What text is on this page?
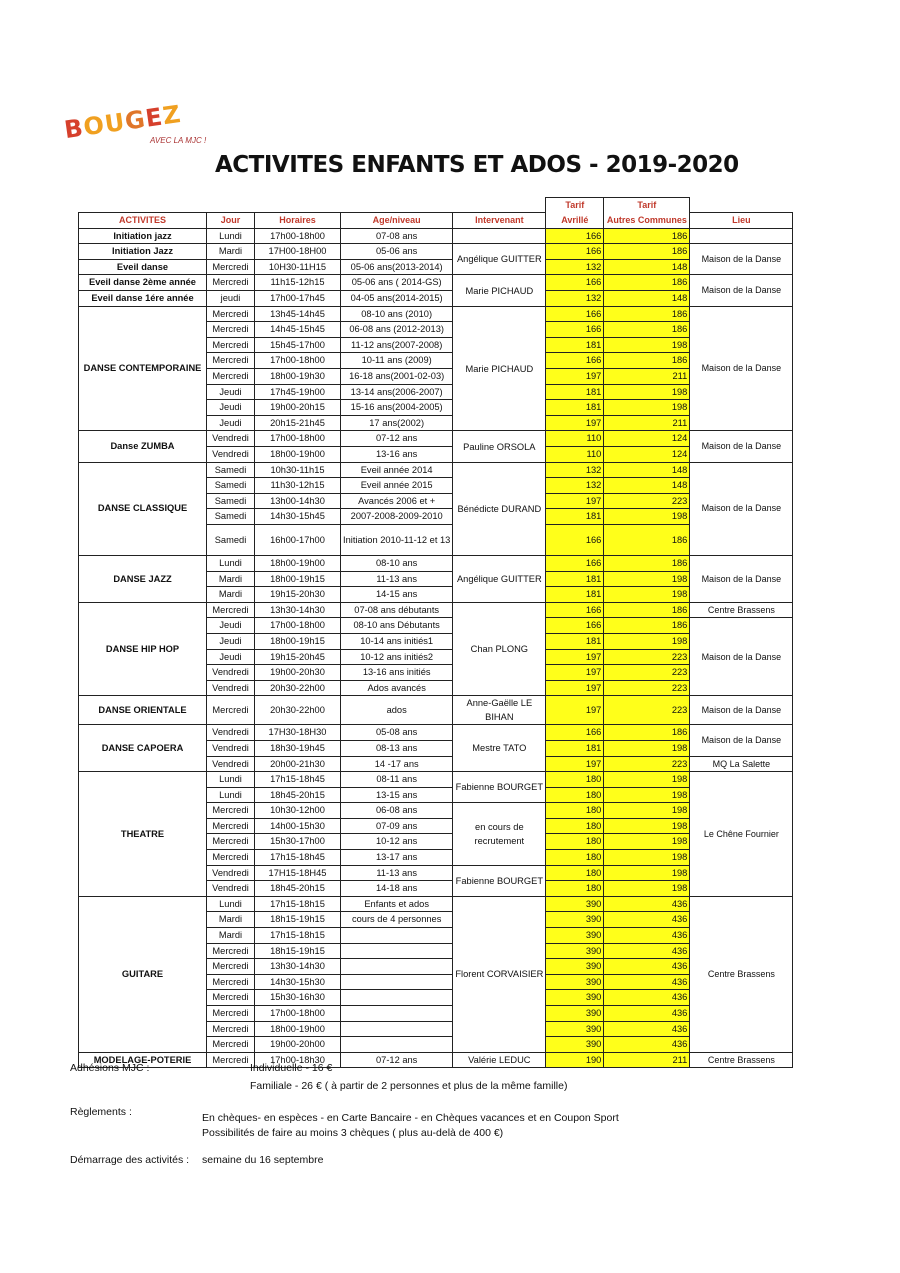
BOUGEZ
AVEC LA MJC !
ACTIVITES ENFANTS ET ADOS - 2019-2020
					Tarif	Tarif	
ACTIVITES	Jour	Horaires	Age/niveau	Intervenant	Avrillé	Autres Communes	Lieu
Initiation jazz	Lundi	17h00-18h00	07-08 ans		166	186	
Initiation Jazz	Mardi	17H00-18H00	05-06 ans	Angélique GUITTER	166	186	Maison de la Danse
Eveil danse	Mercredi	10H30-11H15	05-06 ans(2013-2014)		132	148	
Eveil danse 2ème année	Mercredi	11h15-12h15	05-06 ans ( 2014-GS)	Marie PICHAUD	166	186	Maison de la Danse
Eveil danse 1ére année	jeudi	17h00-17h45	04-05 ans(2014-2015)		132	148	
DANSE CONTEMPORAINE	Mercredi	13h45-14h45	08-10 ans (2010)	Marie PICHAUD	166	186	Maison de la Danse
	Mercredi	14h45-15h45	06-08 ans (2012-2013)		166	186	
	Mercredi	15h45-17h00	11-12 ans(2007-2008)		181	198	
	Mercredi	17h00-18h00	10-11 ans (2009)		166	186	
	Mercredi	18h00-19h30	16-18 ans(2001-02-03)		197	211	
	Jeudi	17h45-19h00	13-14 ans(2006-2007)		181	198	
	Jeudi	19h00-20h15	15-16 ans(2004-2005)		181	198	
	Jeudi	20h15-21h45	17 ans(2002)		197	211	
Danse ZUMBA	Vendredi	17h00-18h00	07-12 ans	Pauline ORSOLA	110	124	Maison de la Danse
	Vendredi	18h00-19h00	13-16 ans		110	124	
DANSE CLASSIQUE	Samedi	10h30-11h15	Eveil année 2014	Bénédicte DURAND	132	148	Maison de la Danse
	Samedi	11h30-12h15	Eveil année 2015		132	148	
	Samedi	13h00-14h30	Avancés 2006 et +		197	223	
	Samedi	14h30-15h45	2007-2008-2009-2010		181	198	
	Samedi	16h00-17h00	Initiation 2010-11-12 et 13		166	186	
DANSE JAZZ	Lundi	18h00-19h00	08-10 ans	Angélique GUITTER	166	186	Maison de la Danse
	Mardi	18h00-19h15	11-13 ans		181	198	
	Mardi	19h15-20h30	14-15 ans		181	198	
DANSE HIP HOP	Mercredi	13h30-14h30	07-08 ans débutants	Chan PLONG	166	186	Centre Brassens
	Jeudi	17h00-18h00	08-10 ans Débutants		166	186	Maison de la Danse
	Jeudi	18h00-19h15	10-14 ans initiés1		181	198	
	Jeudi	19h15-20h45	10-12 ans initiés2		197	223	
	Vendredi	19h00-20h30	13-16 ans initiés		197	223	
	Vendredi	20h30-22h00	Ados avancés		197	223	
DANSE ORIENTALE	Mercredi	20h30-22h00	ados	Anne-Gaëlle LE BIHAN	197	223	Maison de la Danse
DANSE CAPOERA	Vendredi	17H30-18H30	05-08 ans	Mestre TATO	166	186	Maison de la Danse
	Vendredi	18h30-19h45	08-13 ans		181	198	
	Vendredi	20h00-21h30	14 -17 ans		197	223	MQ La Salette
THEATRE	Lundi	17h15-18h45	08-11 ans	Fabienne BOURGET	180	198	Le Chêne Fournier
	Lundi	18h45-20h15	13-15 ans		180	198	
	Mercredi	10h30-12h00	06-08 ans	en cours de recrutement	180	198	
	Mercredi	14h00-15h30	07-09 ans		180	198	
	Mercredi	15h30-17h00	10-12 ans		180	198	
	Mercredi	17h15-18h45	13-17 ans		180	198	
	Vendredi	17H15-18H45	11-13 ans	Fabienne BOURGET	180	198	
	Vendredi	18h45-20h15	14-18 ans		180	198	
GUITARE	Lundi	17h15-18h15	Enfants et ados	Florent CORVAISIER	390	436	Centre Brassens
	Mardi	18h15-19h15	cours de 4 personnes		390	436	
	Mardi	17h15-18h15			390	436	
	Mercredi	18h15-19h15			390	436	
	Mercredi	13h30-14h30			390	436	
	Mercredi	14h30-15h30			390	436	
	Mercredi	15h30-16h30			390	436	
	Mercredi	17h00-18h00			390	436	
	Mercredi	18h00-19h00			390	436	
	Mercredi	19h00-20h00			390	436	
MODELAGE-POTERIE	Mercredi	17h00-18h30	07-12 ans	Valérie LEDUC	190	211	Centre Brassens
Adhésions MJC :	Individuelle - 16 €
Familiale - 26 € ( à partir de 2 personnes et plus de la même famille)
Règlements :	En chèques- en espèces - en Carte Bancaire - en Chèques vacances et en Coupon Sport
Possibilités de faire au moins 3 chèques ( plus au-delà de 400 €)
Démarrage des activités : semaine du 16 septembre
